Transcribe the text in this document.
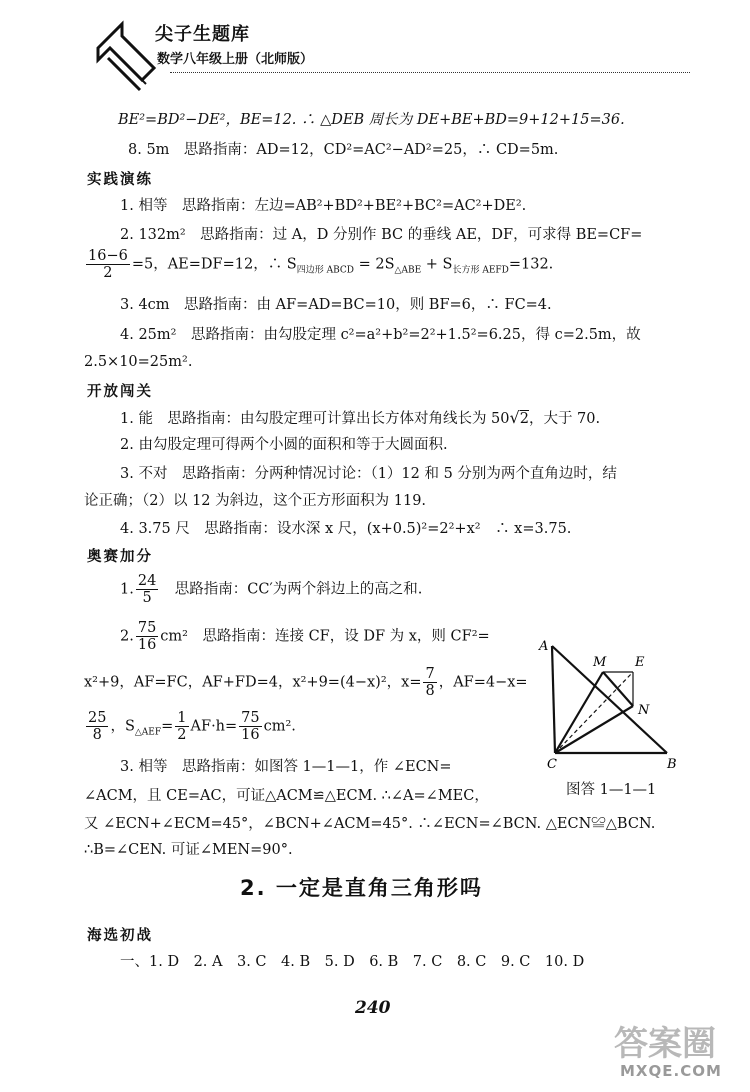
尖子生题库
数学八年级上册（北师版）
BE²=BD²−DE²，BE=12. ∴ △DEB 周长为 DE+BE+BD=9+12+15=36.
8. 5m　思路指南：AD=12，CD²=AC²−AD²=25，∴ CD=5m.
实践演练
1. 相等　思路指南：左边=AB²+BD²+BE²+BC²=AC²+DE².
2. 132m²　思路指南：过 A，D 分别作 BC 的垂线 AE，DF，可求得 BE=CF=
$\frac{16-6}{2} =5$，AE=DF=12，∴ $S_{四边形 ABCD} = 2S_{\triangle ABE} + S_{长方形 AEFD}=132$.
3. 4cm　思路指南：由 AF=AD=BC=10，则 BF=6，∴ FC=4.
4. 25m²　思路指南：由勾股定理 c²=a²+b²=2²+1.5²=6.25，得 c=2.5m，故
2.5×10=25m².
开放闯关
1. 能　思路指南：由勾股定理可计算出长方体对角线长为 50√2，大于 70.
2. 由勾股定理可得两个小圆的面积和等于大圆面积.
3. 不对　思路指南：分两种情况讨论：（1）12 和 5 分别为两个直角边时，结
论正确；（2）以 12 为斜边，这个正方形面积为 119.
4. 3.75 尺　思路指南：设水深 x 尺，(x+0.5)²=2²+x²　∴ x=3.75.
奥赛加分
1. $\frac{24}{5}$ 　思路指南：CC′为两个斜边上的高之和.
2. $\frac{75}{16} cm^2$　思路指南：连接 CF，设 DF 为 x，则 CF²=
x²+9，AF=FC，AF+FD=4，x²+9=(4−x)²，$x= \frac{7}{8}$ ，AF=4−x=
$\frac{25}{8}$ ，$S_{\triangle AEF}= \frac{1}{2} AF\cdot h= \frac{75}{16} cm^2$.
3. 相等　思路指南：如图答 1—1—1，作 ∠ECN=
∠ACM，且 CE=AC，可证△ACM≌△ECM. ∴∠A=∠MEC，
又 ∠ECN+∠ECM=45°，∠BCN+∠ACM=45°. ∴∠ECN=∠BCN. △ECN≌△BCN.
∴B=∠CEN. 可证∠MEN=90°.
A
M E
N
C	B
图答 1—1—1
2. 一定是直角三角形吗
海选初战
一、1. D　2. A　3. C　4. B　5. D　6. B　7. C　8. C　9. C　10. D
240
答案圈
MXQE.COM
